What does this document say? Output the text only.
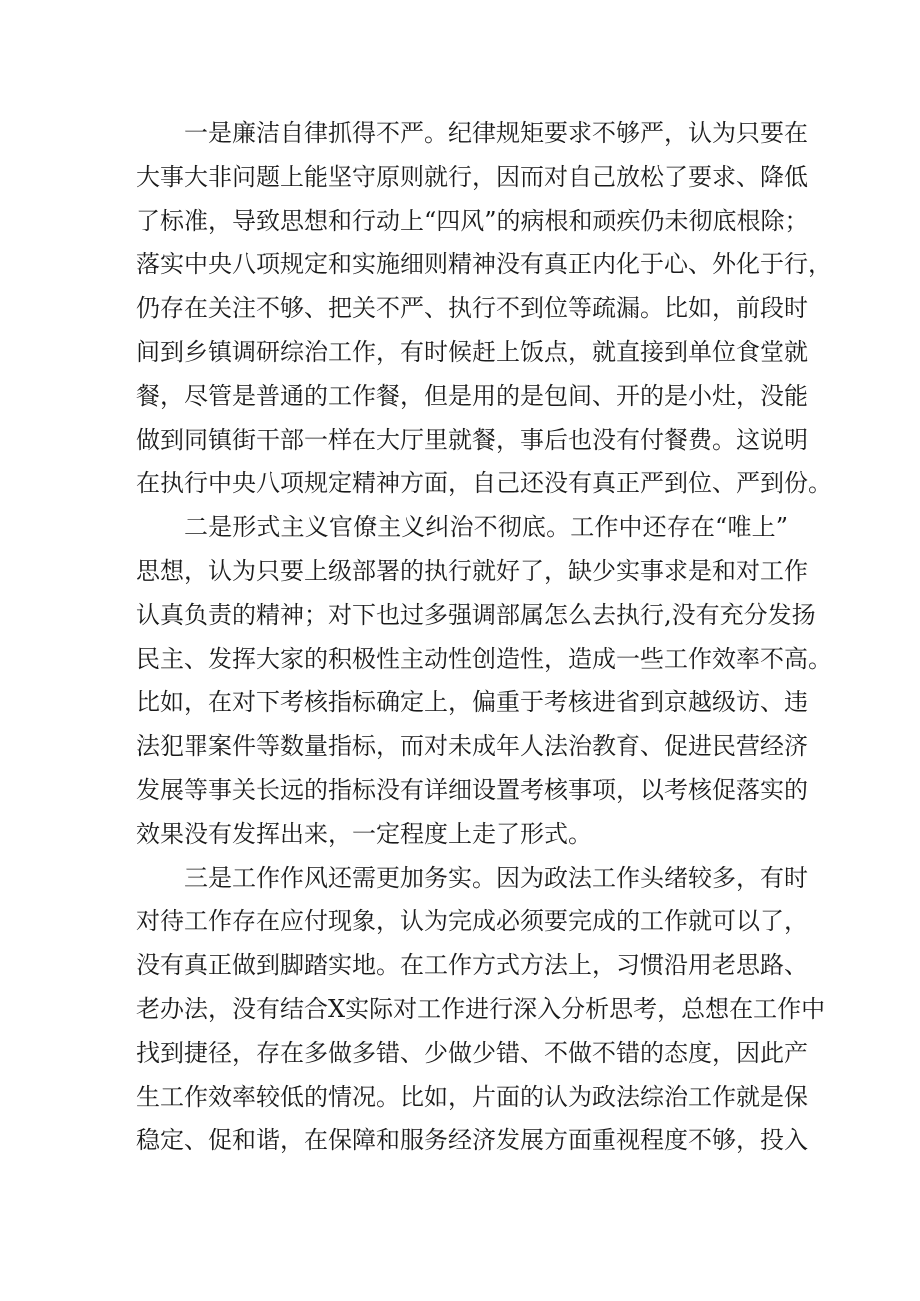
一是廉洁自律抓得不严。纪律规矩要求不够严，认为只要在
大事大非问题上能坚守原则就行，因而对自己放松了要求、降低
了标准，导致思想和行动上“四风”的病根和顽疾仍未彻底根除；
落实中央八项规定和实施细则精神没有真正内化于心、外化于行，
仍存在关注不够、把关不严、执行不到位等疏漏。比如，前段时
间到乡镇调研综治工作，有时候赶上饭点，就直接到单位食堂就
餐，尽管是普通的工作餐，但是用的是包间、开的是小灶，没能
做到同镇街干部一样在大厅里就餐，事后也没有付餐费。这说明
在执行中央八项规定精神方面，自己还没有真正严到位、严到份。
二是形式主义官僚主义纠治不彻底。工作中还存在“唯上”
思想，认为只要上级部署的执行就好了，缺少实事求是和对工作
认真负责的精神；对下也过多强调部属怎么去执行,没有充分发扬
民主、发挥大家的积极性主动性创造性，造成一些工作效率不高。
比如，在对下考核指标确定上，偏重于考核进省到京越级访、违
法犯罪案件等数量指标，而对未成年人法治教育、促进民营经济
发展等事关长远的指标没有详细设置考核事项，以考核促落实的
效果没有发挥出来，一定程度上走了形式。
三是工作作风还需更加务实。因为政法工作头绪较多，有时
对待工作存在应付现象，认为完成必须要完成的工作就可以了，
没有真正做到脚踏实地。在工作方式方法上，习惯沿用老思路、
老办法，没有结合X实际对工作进行深入分析思考，总想在工作中
找到捷径，存在多做多错、少做少错、不做不错的态度，因此产
生工作效率较低的情况。比如，片面的认为政法综治工作就是保
稳定、促和谐，在保障和服务经济发展方面重视程度不够，投入
